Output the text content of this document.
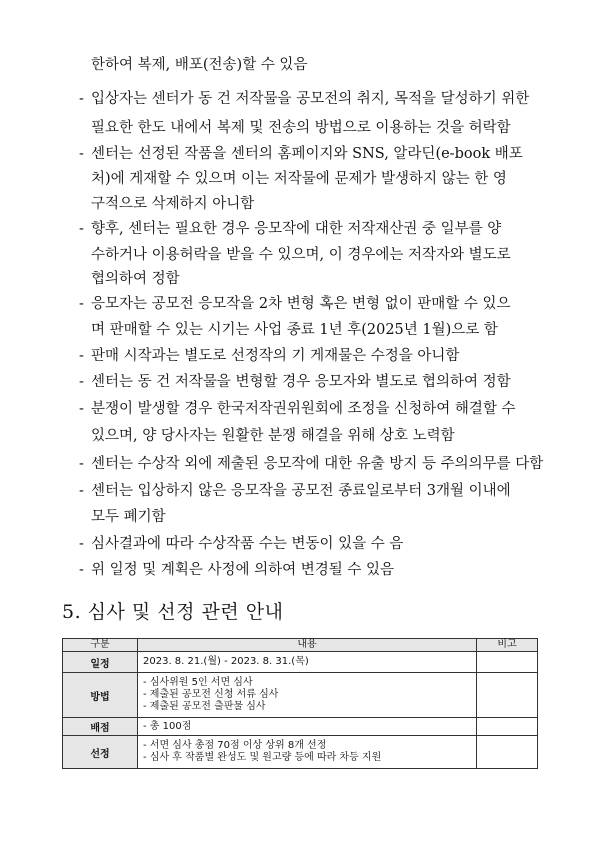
한하여 복제, 배포(전송)할 수 있음
- 입상자는 센터가 동 건 저작물을 공모전의 취지, 목적을 달성하기 위한
필요한 한도 내에서 복제 및 전송의 방법으로 이용하는 것을 허락함
- 센터는 선정된 작품을 센터의 홈페이지와 SNS, 알라딘(e-book 배포
처)에 게재할 수 있으며 이는 저작물에 문제가 발생하지 않는 한 영
구적으로 삭제하지 아니함
- 향후, 센터는 필요한 경우 응모작에 대한 저작재산권 중 일부를 양
수하거나 이용허락을 받을 수 있으며, 이 경우에는 저작자와 별도로
협의하여 정함
- 응모자는 공모전 응모작을 2차 변형 혹은 변형 없이 판매할 수 있으
며 판매할 수 있는 시기는 사업 종료 1년 후(2025년 1월)으로 함
- 판매 시작과는 별도로 선정작의 기 게재물은 수정을 아니함
- 센터는 동 건 저작물을 변형할 경우 응모자와 별도로 협의하여 정함
- 분쟁이 발생할 경우 한국저작권위원회에 조정을 신청하여 해결할 수
있으며, 양 당사자는 원활한 분쟁 해결을 위해 상호 노력함
- 센터는 수상작 외에 제출된 응모작에 대한 유출 방지 등 주의의무를 다함
- 센터는 입상하지 않은 응모작을 공모전 종료일로부터 3개월 이내에
모두 폐기함
- 심사결과에 따라 수상작품 수는 변동이 있을 수 음
- 위 일정 및 계획은 사정에 의하여 변경될 수 있음
5. 심사 및 선정 관련 안내
구분	내용	비고
일정	2023. 8. 21.(월) - 2023. 8. 31.(목)	

방법	- 심사위원 5인 서면 심사
- 제출된 공모전 신청 서류 심사
- 제출된 공모전 출판물 심사	

배점	- 총 100점	

선정	- 서면 심사 총점 70점 이상 상위 8개 선정
- 심사 후 작품별 완성도 및 원고량 등에 따라 차등 지원	
